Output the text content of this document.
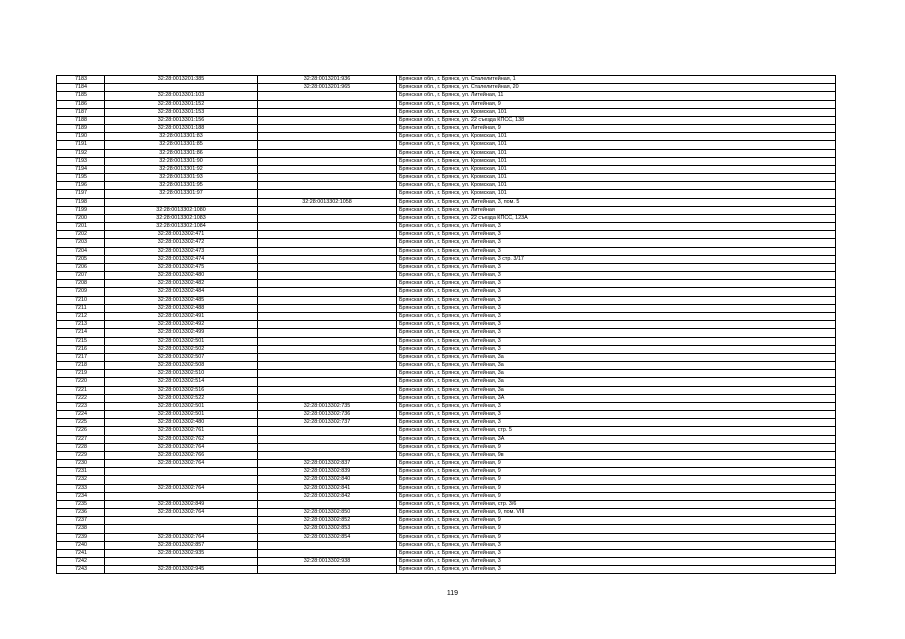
7183	32:28:0013201:385	32:28:0013201:936	Брянская обл., г. Брянск, ул. Сталелитейная, 1
7184		32:28:0013201:965	Брянская обл., г. Брянск, ул. Сталелитейная, 20
7185	32:28:0013301:103		Брянская обл., г. Брянск, ул. Литейная, 11
7186	32:28:0013301:152		Брянская обл., г. Брянск, ул. Литейная, 9
7187	32:28:0013301:153		Брянская обл., г. Брянск, ул. Кромская, 101
7188	32:28:0013301:156		Брянская обл., г. Брянск, ул. 22 съезда КПСС, 138
7189	32:28:0013301:188		Брянская обл., г. Брянск, ул. Литейная, 9
7190	32:28:0013301:83		Брянская обл., г. Брянск, ул. Кромская, 101
7191	32:28:0013301:85		Брянская обл., г. Брянск, ул. Кромская, 101
7192	32:28:0013301:86		Брянская обл., г. Брянск, ул. Кромская, 101
7193	32:28:0013301:90		Брянская обл., г. Брянск, ул. Кромская, 101
7194	32:28:0013301:92		Брянская обл., г. Брянск, ул. Кромская, 101
7195	32:28:0013301:93		Брянская обл., г. Брянск, ул. Кромская, 101
7196	32:28:0013301:95		Брянская обл., г. Брянск, ул. Кромская, 101
7197	32:28:0013301:97		Брянская обл., г. Брянск, ул. Кромская, 101
7198		32:28:0013302:1058	Брянская обл., г. Брянск, ул. Литейная, 3, пом. 5
7199	32:28:0013302:1080		Брянская обл., г. Брянск, ул. Литейная
7200	32:28:0013302:1083		Брянская обл., г. Брянск, ул. 22 съезда КПСС, 123А
7201	32:28:0013302:1084		Брянская обл., г. Брянск, ул. Литейная, 3
7202	32:28:0013302:471		Брянская обл., г. Брянск, ул. Литейная, 3
7203	32:28:0013302:472		Брянская обл., г. Брянск, ул. Литейная, 3
7204	32:28:0013302:473		Брянская обл., г. Брянск, ул. Литейная, 3
7205	32:28:0013302:474		Брянская обл., г. Брянск, ул. Литейная, 3 стр. 3/17
7206	32:28:0013302:475		Брянская обл., г. Брянск, ул. Литейная, 3
7207	32:28:0013302:480		Брянская обл., г. Брянск, ул. Литейная, 3
7208	32:28:0013302:482		Брянская обл., г. Брянск, ул. Литейная, 3
7209	32:28:0013302:484		Брянская обл., г. Брянск, ул. Литейная, 3
7210	32:28:0013302:485		Брянская обл., г. Брянск, ул. Литейная, 3
7211	32:28:0013302:488		Брянская обл., г. Брянск, ул. Литейная, 3
7212	32:28:0013302:491		Брянская обл., г. Брянск, ул. Литейная, 3
7213	32:28:0013302:492		Брянская обл., г. Брянск, ул. Литейная, 3
7214	32:28:0013302:499		Брянская обл., г. Брянск, ул. Литейная, 3
7215	32:28:0013302:501		Брянская обл., г. Брянск, ул. Литейная, 3
7216	32:28:0013302:502		Брянская обл., г. Брянск, ул. Литейная, 3
7217	32:28:0013302:507		Брянская обл., г. Брянск, ул. Литейная, 3а
7218	32:28:0013302:508		Брянская обл., г. Брянск, ул. Литейная, 3а
7219	32:28:0013302:510		Брянская обл., г. Брянск, ул. Литейная, 3а
7220	32:28:0013302:514		Брянская обл., г. Брянск, ул. Литейная, 3а
7221	32:28:0013302:516		Брянская обл., г. Брянск, ул. Литейная, 3а
7222	32:28:0013302:522		Брянская обл., г. Брянск, ул. Литейная, 3А
7223	32:28:0013302:501	32:28:0013302:735	Брянская обл., г. Брянск, ул. Литейная, 3
7224	32:28:0013302:501	32:28:0013302:736	Брянская обл., г. Брянск, ул. Литейная, 3
7225	32:28:0013302:480	32:28:0013302:737	Брянская обл., г. Брянск, ул. Литейная, 3
7226	32:28:0013302:761		Брянская обл., г. Брянск, ул. Литейная, стр. 5
7227	32:28:0013302:762		Брянская обл., г. Брянск, ул. Литейная, 3А
7228	32:28:0013302:764		Брянская обл., г. Брянск, ул. Литейная, 9
7229	32:28:0013302:766		Брянская обл., г. Брянск, ул. Литейная, 9в
7230	32:28:0013302:764	32:28:0013302:837	Брянская обл., г. Брянск, ул. Литейная, 9
7231		32:28:0013302:839	Брянская обл., г. Брянск, ул. Литейная, 9
7232		32:28:0013302:840	Брянская обл., г. Брянск, ул. Литейная, 9
7233	32:28:0013302:764	32:28:0013302:841	Брянская обл., г. Брянск, ул. Литейная, 9
7234		32:28:0013302:842	Брянская обл., г. Брянск, ул. Литейная, 9
7235	32:28:0013302:849		Брянская обл., г. Брянск, ул. Литейная, стр. 3/6
7236	32:28:0013302:764	32:28:0013302:850	Брянская обл., г. Брянск, ул. Литейная, 9, пом. VIII
7237		32:28:0013302:852	Брянская обл., г. Брянск, ул. Литейная, 9
7238		32:28:0013302:853	Брянская обл., г. Брянск, ул. Литейная, 9
7239	32:28:0013302:764	32:28:0013302:854	Брянская обл., г. Брянск, ул. Литейная, 9
7240	32:28:0013302:857		Брянская обл., г. Брянск, ул. Литейная, 3
7241	32:28:0013302:935		Брянская обл., г. Брянск, ул. Литейная, 3
7242		32:28:0013302:938	Брянская обл., г. Брянск, ул. Литейная, 3
7243	32:28:0013302:945		Брянская обл., г. Брянск, ул. Литейная, 3
119
